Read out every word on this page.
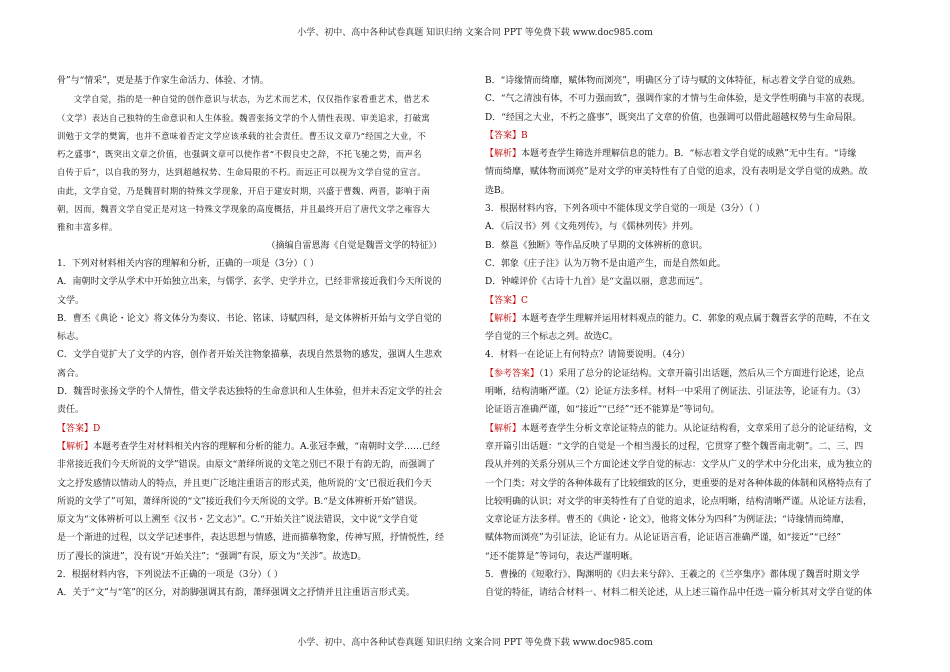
小学、初中、高中各种试卷真题 知识归纳 文案合同 PPT 等免费下载 www.doc985.com

骨”与“情采”，更是基于作家生命活力、体验、才情。

文学自觉，指的是一种自觉的创作意识与状态，为艺术而艺术，仅仅指作家看重艺术，借艺术

（文学）表达自己独特的生命意识和人生体验。魏晋张扬文学的个人情性表现、审美追求，打破寓

训勉于文学的樊篱，也并不意味着否定文学应该承载的社会责任。曹丕议文章乃“经国之大业，不

朽之盛事”，既突出文章之价值，也强调文章可以使作者“不假良史之辞，不托飞驰之势，而声名

自传于后”，以自我的努力，达到超越权势、生命局限的不朽。而远正可以视为文学自觉的宣言。

由此，文学自觉，乃是魏晋时期的特殊文学现象，开启于建安时期，兴盛于曹魏、两晋，影响于南

朝，因而，魏晋文学自觉正是对这一特殊文学现象的高度概括，并且最终开启了唐代文学之雍容大

雅和丰富多样。

（摘编自雷恩海《自觉是魏晋文学的特征》）

1．下列对材料相关内容的理解和分析，正确的一项是（3分）（ ）

A．南朝时文学从学术中开始独立出来，与儒学、玄学、史学并立，已经非常接近我们今天所说的

文学。

B．曹丕《典论・论文》将文体分为奏议、书论、铭诔、诗赋四科，是文体辨析开始与文学自觉的

标志。

C．文学自觉扩大了文学的内容，创作者开始关注物象描摹，表现自然景物的感发，强调人生悲欢

离合。

D．魏晋时张扬文学的个人情性，借文学表达独特的生命意识和人生体验，但并未否定文学的社会

责任。

【答案】D

【解析】本题考查学生对材料相关内容的理解和分析的能力。A.张冠李戴，“南朝时文学……已经

非常接近我们今天所说的文学”错误。由原文“萧绎所说的文笔之别已不限于有韵无韵，而强调了

文之抒发感情以情动人的特点，并且更广泛地注重语言的形式美，他所说的‘文’已很近我们今天

所说的文学了”可知，萧绎所说的“文”接近我们今天所说的文学。B.“是文体辨析开始”错误。

原文为“文体辨析可以上溯至《汉书・艺文志》”。C.“开始关注”说法错误，文中说“文学自觉

是一个渐进的过程，以文学记述事件，表达思想与情感，进而描摹物象，传神写照，抒情悦性，经

历了漫长的演进”，没有说“开始关注”；“强调”有误，原文为“关涉”。故选D。

2．根据材料内容，下列说法不正确的一项是（3分）（ ）

A．关于“文”与“笔”的区分，对韵脚强调其有韵，萧绎强调文之抒情并且注重语言形式美。

B．“诗缘情而绮靡，赋体物而浏亮”，明确区分了诗与赋的文体特征，标志着文学自觉的成熟。

C．“气之清浊有体，不可力强而致”，强调作家的才情与生命体验，是文学性明确与丰富的表现。

D．“经国之大业，不朽之盛事”，既突出了文章的价值，也强调可以借此超越权势与生命局限。

【答案】B

【解析】本题考查学生筛选并理解信息的能力。B．“标志着文学自觉的成熟”无中生有。“诗缘

情而绮靡，赋体物而浏亮”是对文学的审美特性有了自觉的追求，没有表明是文学自觉的成熟。故

选B。

3．根据材料内容，下列各项中不能体现文学自觉的一项是（3分）（ ）

A．《后汉书》列《文苑列传》，与《儒林列传》并列。

B．蔡邕《独断》等作品反映了早期的文体辨析的意识。

C．郭象《庄子注》认为万物不是由道产生，而是自然如此。

D．钟嵘评价《古诗十九首》是“文温以丽，意悲而远”。

【答案】C

【解析】本题考查学生理解并运用材料观点的能力。C．郭象的观点属于魏晋玄学的范畴，不在文

学自觉的三个标志之列。故选C。

4．材料一在论证上有何特点？请简要说明。（4分）

【参考答案】（1）采用了总分的论证结构。文章开篇引出话题，然后从三个方面进行论述，论点

明晰，结构清晰严谨。（2）论证方法多样。材料一中采用了例证法、引证法等，论证有力。（3）

论证语言准确严谨，如“接近”“已经”“还不能算是”等词句。

【解析】本题考查学生分析文章论证特点的能力。从论证结构看，文章采用了总分的论证结构，文

章开篇引出话题：“文学的自觉是一个相当漫长的过程，它贯穿了整个魏晋南北朝”。二、三、四

段从并列的关系分别从三个方面论述文学自觉的标志：文学从广义的学术中分化出来，成为独立的

一个门类；对文学的各种体裁有了比较细致的区分，更重要的是对各种体裁的体制和风格特点有了

比较明确的认识；对文学的审美特性有了自觉的追求，论点明晰，结构清晰严谨。从论证方法看，

文章论证方法多样。曹丕的《典论・论文》，他将文体分为四科”为例证法；“诗缘情而绮靡，

赋体物而浏亮”为引证法，论证有力。从论证语言看，论证语言准确严谨，如“接近”“已经”

“还不能算是”等词句，表达严谨明晰。

5．曹操的《短歌行》、陶渊明的《归去来兮辞》、王羲之的《兰亭集序》都体现了魏晋时期文学

自觉的特征，请结合材料一、材料二相关论述，从上述三篇作品中任选一篇分析其对文学自觉的体

小学、初中、高中各种试卷真题 知识归纳 文案合同 PPT 等免费下载 www.doc985.com
